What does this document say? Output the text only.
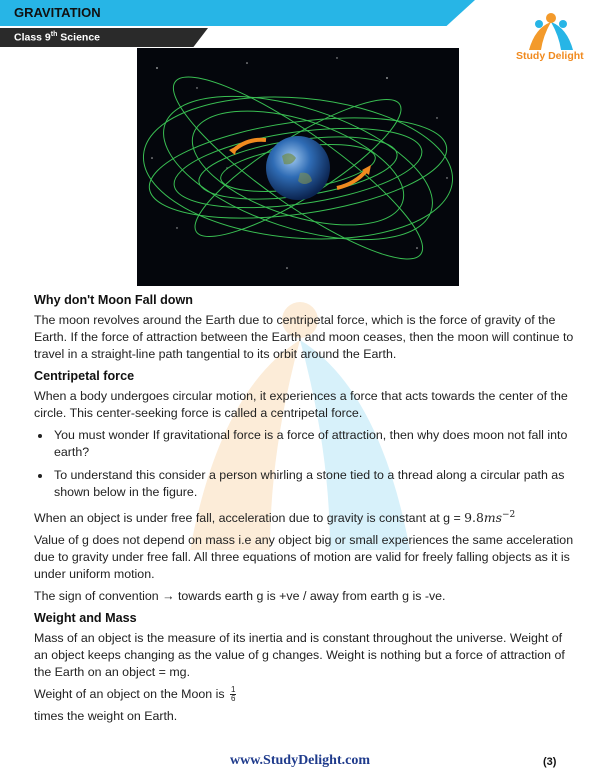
GRAVITATION
Class 9th Science
Study Delight
Why don't Moon Fall down

The moon revolves around the Earth due to centripetal force, which is the force of gravity of the Earth. If the force of attraction between the Earth and moon ceases, then the moon will continue to travel in a straight-line path tangential to its orbit around the Earth.

Centripetal force

When a body undergoes circular motion, it experiences a force that acts towards the center of the circle. This center-seeking force is called a centripetal force.

• You must wonder If gravitational force is a force of attraction, then why does moon not fall into earth?
• To understand this consider a person whirling a stone tied to a thread along a circular path as shown below in the figure.

When an object is under free fall, acceleration due to gravity is constant at $g = 9.8ms^{-2}$

Value of g does not depend on mass i.e any object big or small experiences the same acceleration due to gravity under free fall. All three equations of motion are valid for freely falling objects as it is under uniform motion.

The sign of convention → towards earth g is +ve / away from earth g is -ve.

Weight and Mass

Mass of an object is the measure of its inertia and is constant throughout the universe. Weight of an object keeps changing as the value of g changes. Weight is nothing but a force of attraction of the Earth on an object = mg.

Weight of an object on the Moon is $\frac{1}{6}$

times the weight on Earth.

www.StudyDelight.com	(3)
